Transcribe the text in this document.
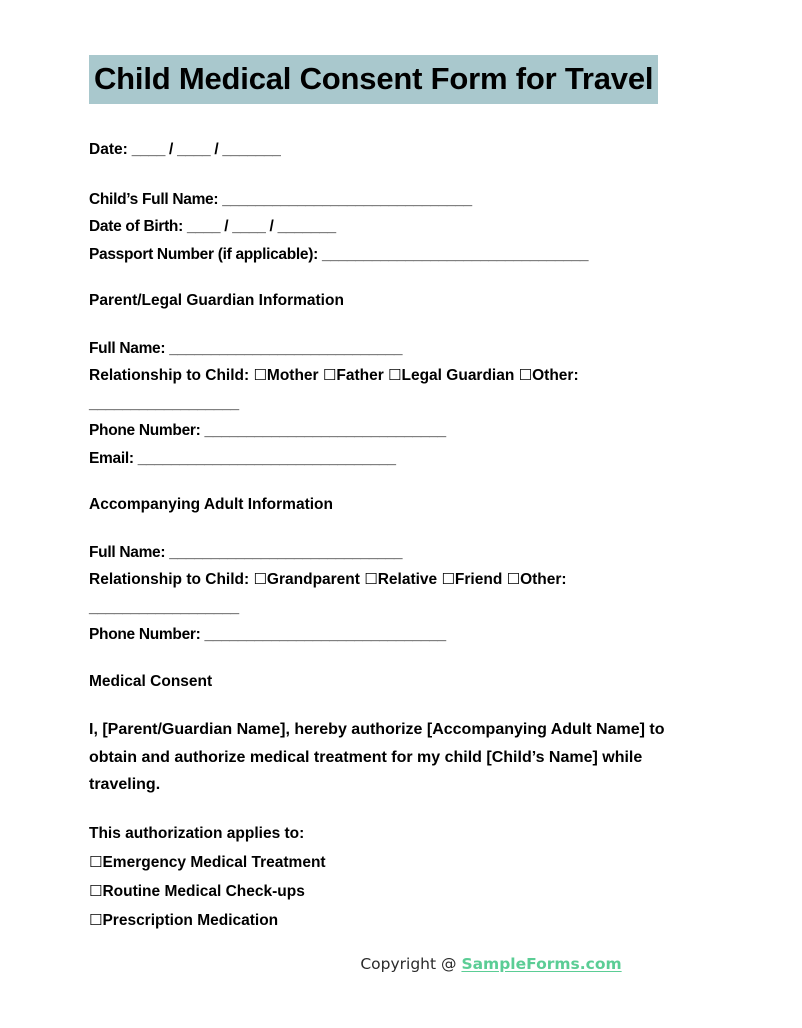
Child Medical Consent Form for Travel
Date: ____ / ____ / _______
Child’s Full Name: ______________________________
Date of Birth: ____ / ____ / _______
Passport Number (if applicable): ________________________________
Parent/Legal Guardian Information
Full Name: ____________________________
Relationship to Child: ☐Mother ☐Father ☐Legal Guardian ☐Other:
__________________
Phone Number: _____________________________
Email: _______________________________
Accompanying Adult Information
Full Name: ____________________________
Relationship to Child: ☐Grandparent ☐Relative ☐Friend ☐Other:
__________________
Phone Number: _____________________________
Medical Consent
I, [Parent/Guardian Name], hereby authorize [Accompanying Adult Name] to obtain and authorize medical treatment for my child [Child’s Name] while traveling.
This authorization applies to:
☐Emergency Medical Treatment
☐Routine Medical Check-ups
☐Prescription Medication
Copyright @ SampleForms.com
